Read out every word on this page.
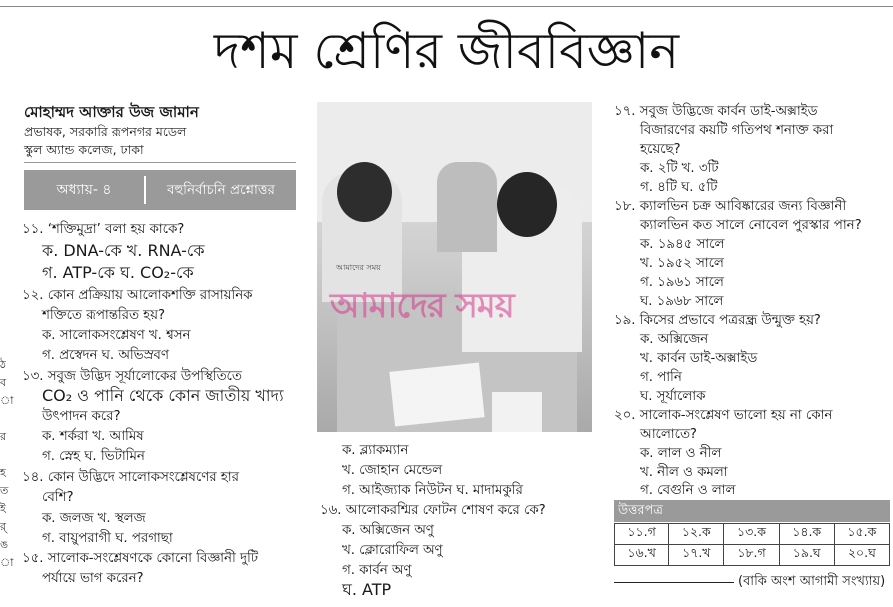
দশম শ্রেণির জীববিজ্ঞান
মোহাম্মদ আক্তার উজ জামান
প্রভাষক, সরকারি রূপনগর মডেল
স্কুল অ্যান্ড কলেজ, ঢাকা
অধ্যায়- ৪	বহুনির্বাচনি প্রশ্নোত্তর
১১. ‘শক্তিমুদ্রা’ বলা হয় কাকে?
ক. DNA-কে খ. RNA-কে
গ. ATP-কে ঘ. CO₂-কে
১২. কোন প্রক্রিয়ায় আলোকশক্তি রাসায়নিক
শক্তিতে রূপান্তরিত হয়?
ক. সালোকসংশ্লেষণ খ. শ্বসন
গ. প্রস্বেদন ঘ. অভিস্রবণ
১৩. সবুজ উদ্ভিদ সূর্যালোকের উপস্থিতিতে
CO₂ ও পানি থেকে কোন জাতীয় খাদ্য
উৎপাদন করে?
ক. শর্করা খ. আমিষ
গ. স্নেহ ঘ. ভিটামিন
১৪. কোন উদ্ভিদে সালোকসংশ্লেষণের হার
বেশি?
ক. জলজ খ. স্থলজ
গ. বায়ুপরাগী ঘ. পরগাছা
১৫. সালোক-সংশ্লেষণকে কোনো বিজ্ঞানী দুটি
পর্যায়ে ভাগ করেন?
আমাদের সময়
আমাদের সময়
ক. ব্ল্যাকম্যান
খ. জোহান মেন্ডেল
গ. আইজ্যাক নিউটন ঘ. মাদামকুরি
১৬. আলোকরশ্মির ফোটন শোষণ করে কে?
ক. অক্সিজেন অণু
খ. ক্লোরোফিল অণু
গ. কার্বন অণু
ঘ. ATP
১৭. সবুজ উদ্ভিজে কার্বন ডাই-অক্সাইড
বিজারণের কয়টি গতিপথ শনাক্ত করা
হয়েছে?
ক. ২টি খ. ৩টি
গ. ৪টি ঘ. ৫টি
১৮. ক্যালভিন চক্র আবিষ্কারের জন্য বিজ্ঞানী
ক্যালভিন কত সালে নোবেল পুরস্কার পান?
ক. ১৯৪৫ সালে
খ. ১৯৫২ সালে
গ. ১৯৬১ সালে
ঘ. ১৯৬৮ সালে
১৯. কিসের প্রভাবে পত্ররন্ধ্র উন্মুক্ত হয়?
ক. অক্সিজেন
খ. কার্বন ডাই-অক্সাইড
গ. পানি
ঘ. সূর্যালোক
২০. সালোক-সংশ্লেষণ ভালো হয় না কোন
আলোতে?
ক. লাল ও নীল
খ. নীল ও কমলা
গ. বেগুনি ও লাল
উত্তরপত্র
১১.গ	১২.ক	১৩.ক	১৪.ক	১৫.ক
১৬.খ	১৭.খ	১৮.গ	১৯.ঘ	২০.ঘ
(বাকি অংশ আগামী সংখ্যায়)
ঠ
ব
া
র
হ
ত
ই
র্
ঙ
া
